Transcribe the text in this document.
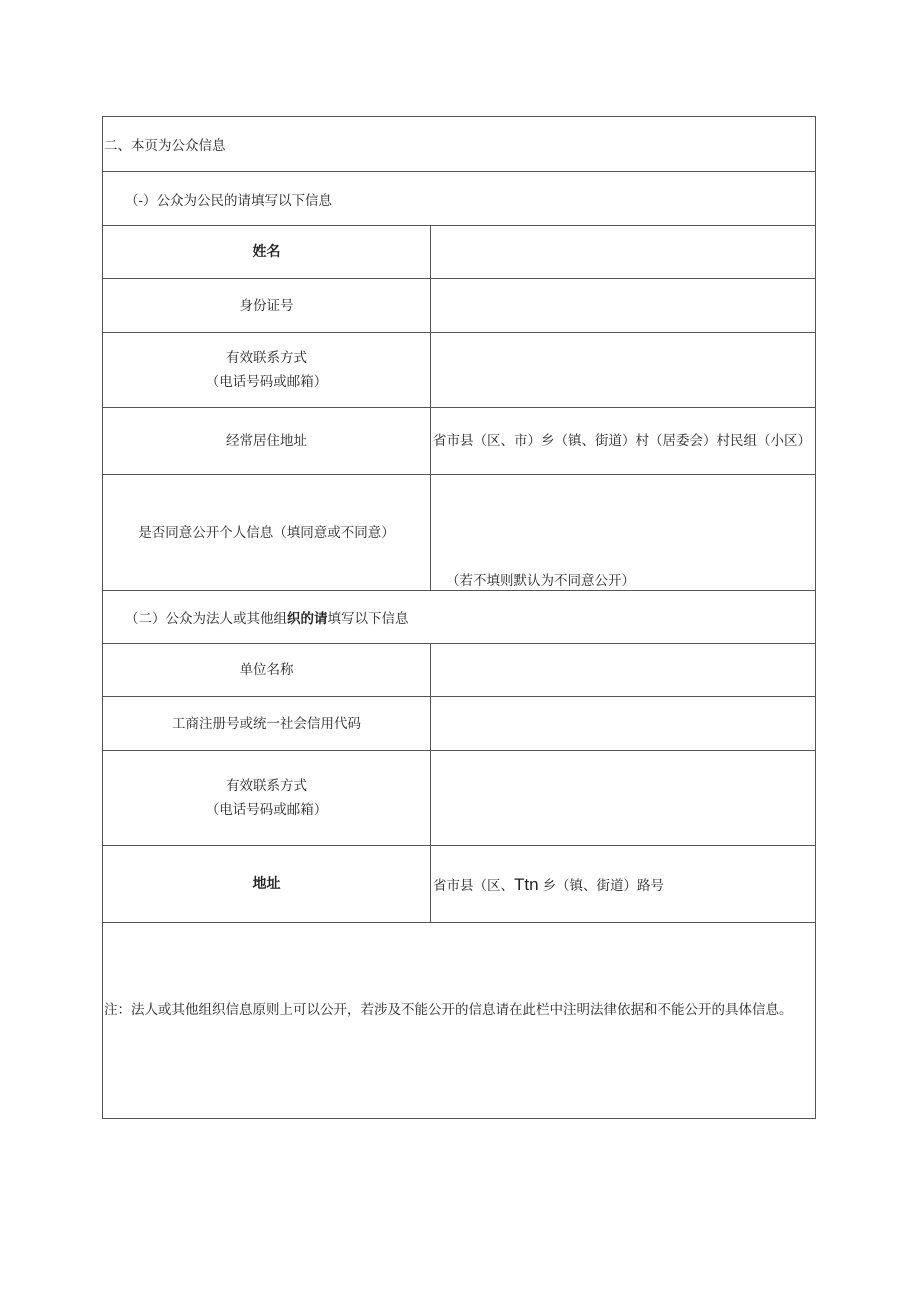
二、本页为公众信息
（-）公众为公民的请填写以下信息
姓名
身份证号
有效联系方式
（电话号码或邮箱）
经常居住地址	省市县（区、市）乡（镇、街道）村（居委会）村民组（小区）
是否同意公开个人信息（填同意或不同意）
（若不填则默认为不同意公开）
（二）公众为法人或其他组织的请填写以下信息
单位名称
工商注册号或统一社会信用代码
有效联系方式
（电话号码或邮箱）
地址	省市县（区、Ttn 乡（镇、街道）路号
注：法人或其他组织信息原则上可以公开，若涉及不能公开的信息请在此栏中注明法律依据和不能公开的具体信息。
